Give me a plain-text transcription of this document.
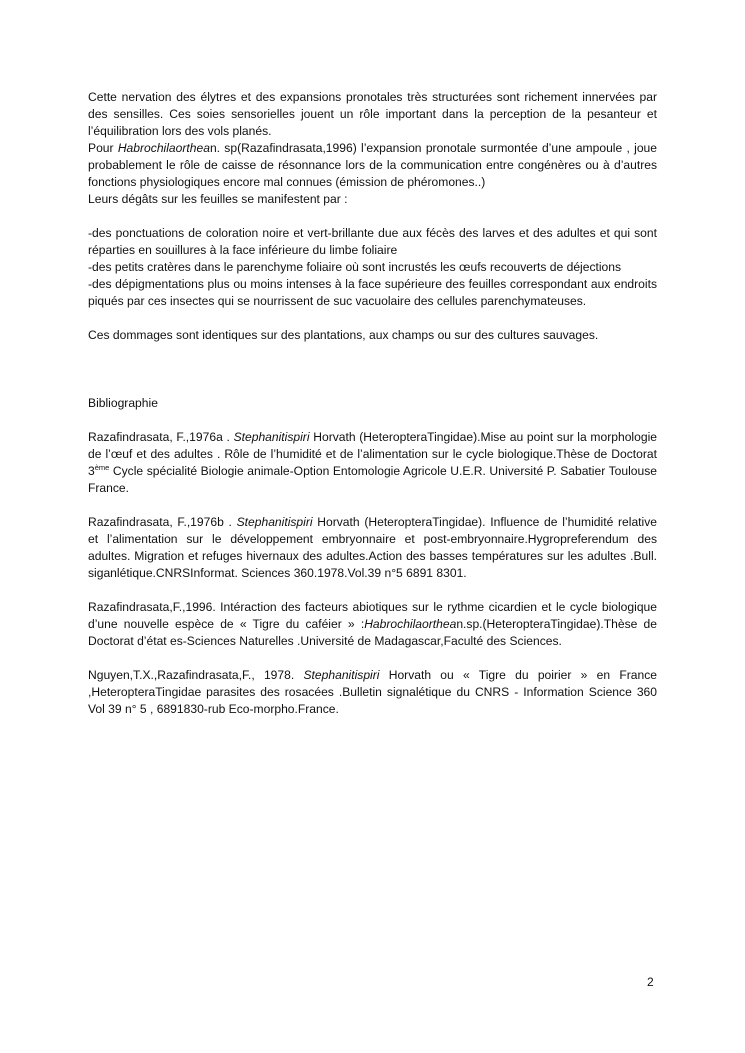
Cette nervation des élytres et des expansions pronotales très structurées sont richement innervées par des sensilles. Ces soies sensorielles jouent un rôle important dans la perception de la pesanteur et l’équilibration lors des vols planés.

Pour Habrochilaorthean. sp(Razafindrasata,1996) l’expansion pronotale surmontée d’une ampoule , joue probablement le rôle de caisse de résonnance lors de la communication entre congénères ou à d’autres fonctions physiologiques encore mal connues (émission de phéromones..)

Leurs dégâts sur les feuilles se manifestent par :

-des ponctuations de coloration noire et vert-brillante due aux fécès des larves et des adultes et qui sont réparties en souillures à la face inférieure du limbe foliaire

-des petits cratères dans le parenchyme foliaire où sont incrustés les œufs recouverts de déjections

-des dépigmentations plus ou moins intenses à la face supérieure des feuilles correspondant aux endroits piqués par ces insectes qui se nourrissent de suc vacuolaire des cellules parenchymateuses.

Ces dommages sont identiques sur des plantations, aux champs ou sur des cultures sauvages.

Bibliographie

Razafindrasata, F.,1976a . Stephanitispiri Horvath (HeteropteraTingidae).Mise au point sur la morphologie de l’œuf et des adultes . Rôle de l’humidité et de l’alimentation sur le cycle biologique.Thèse de Doctorat 3ème Cycle spécialité Biologie animale-Option Entomologie Agricole U.E.R. Université P. Sabatier Toulouse France.

Razafindrasata, F.,1976b . Stephanitispiri Horvath (HeteropteraTingidae). Influence de l’humidité relative et l’alimentation sur le développement embryonnaire et post-embryonnaire.Hygropreferendum des adultes. Migration et refuges hivernaux des adultes.Action des basses températures sur les adultes .Bull. siganlétique.CNRSInformat. Sciences 360.1978.Vol.39 n°5 6891 8301.

Razafindrasata,F.,1996. Intéraction des facteurs abiotiques sur le rythme cicardien et le cycle biologique d’une nouvelle espèce de « Tigre du caféier » :Habrochilaorthean.sp.(HeteropteraTingidae).Thèse de Doctorat d’état es-Sciences Naturelles .Université de Madagascar,Faculté des Sciences.

Nguyen,T.X.,Razafindrasata,F., 1978. Stephanitispiri Horvath ou « Tigre du poirier » en France ,HeteropteraTingidae parasites des rosacées .Bulletin signalétique du CNRS - Information Science 360 Vol 39 n° 5 , 6891830-rub Eco-morpho.France.

2
